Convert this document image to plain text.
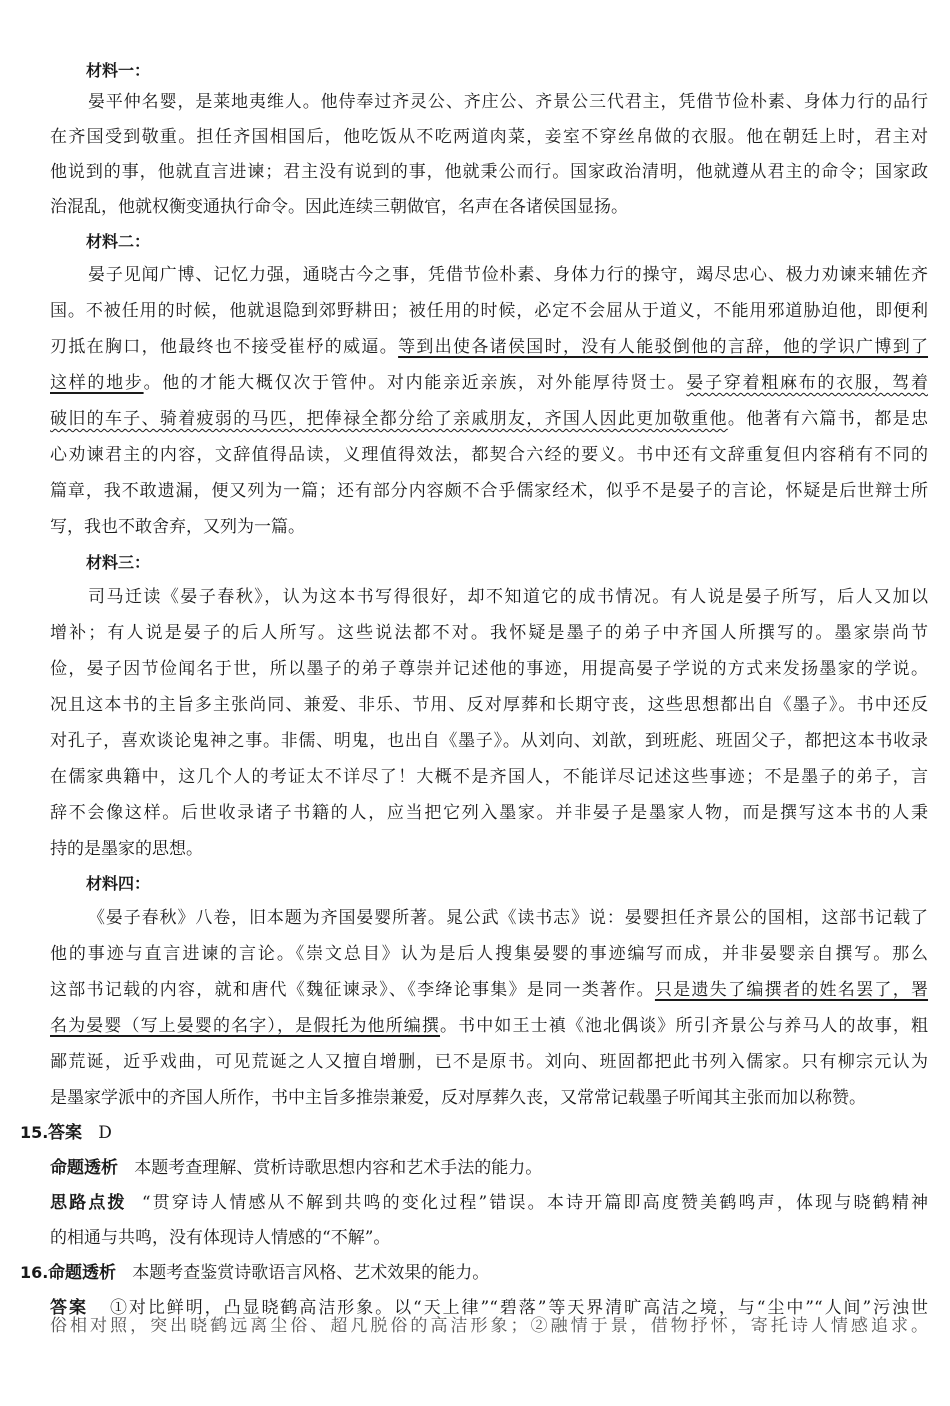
材料一：
晏平仲名婴，是莱地夷维人。他侍奉过齐灵公、齐庄公、齐景公三代君主，凭借节俭朴素、身体力行的品行
在齐国受到敬重。担任齐国相国后，他吃饭从不吃两道肉菜，妾室不穿丝帛做的衣服。他在朝廷上时，君主对
他说到的事，他就直言进谏；君主没有说到的事，他就秉公而行。国家政治清明，他就遵从君主的命令；国家政
治混乱，他就权衡变通执行命令。因此连续三朝做官，名声在各诸侯国显扬。
材料二：
晏子见闻广博、记忆力强，通晓古今之事，凭借节俭朴素、身体力行的操守，竭尽忠心、极力劝谏来辅佐齐
国。不被任用的时候，他就退隐到郊野耕田；被任用的时候，必定不会屈从于道义，不能用邪道胁迫他，即便利
刃抵在胸口，他最终也不接受崔杼的威逼。等到出使各诸侯国时，没有人能驳倒他的言辞，他的学识广博到了
这样的地步。他的才能大概仅次于管仲。对内能亲近亲族，对外能厚待贤士。晏子穿着粗麻布的衣服，驾着
破旧的车子、骑着疲弱的马匹，把俸禄全都分给了亲戚朋友，齐国人因此更加敬重他。他著有六篇书，都是忠
心劝谏君主的内容，文辞值得品读，义理值得效法，都契合六经的要义。书中还有文辞重复但内容稍有不同的
篇章，我不敢遗漏，便又列为一篇；还有部分内容颇不合乎儒家经术，似乎不是晏子的言论，怀疑是后世辩士所
写，我也不敢舍弃，又列为一篇。
材料三：
司马迁读《晏子春秋》，认为这本书写得很好，却不知道它的成书情况。有人说是晏子所写，后人又加以
增补；有人说是晏子的后人所写。这些说法都不对。我怀疑是墨子的弟子中齐国人所撰写的。墨家崇尚节
俭，晏子因节俭闻名于世，所以墨子的弟子尊崇并记述他的事迹，用提高晏子学说的方式来发扬墨家的学说。
况且这本书的主旨多主张尚同、兼爱、非乐、节用、反对厚葬和长期守丧，这些思想都出自《墨子》。书中还反
对孔子，喜欢谈论鬼神之事。非儒、明鬼，也出自《墨子》。从刘向、刘歆，到班彪、班固父子，都把这本书收录
在儒家典籍中，这几个人的考证太不详尽了！大概不是齐国人，不能详尽记述这些事迹；不是墨子的弟子，言
辞不会像这样。后世收录诸子书籍的人，应当把它列入墨家。并非晏子是墨家人物，而是撰写这本书的人秉
持的是墨家的思想。
材料四：
《晏子春秋》八卷，旧本题为齐国晏婴所著。晁公武《读书志》说：晏婴担任齐景公的国相，这部书记载了
他的事迹与直言进谏的言论。《崇文总目》认为是后人搜集晏婴的事迹编写而成，并非晏婴亲自撰写。那么
这部书记载的内容，就和唐代《魏征谏录》、《李绛论事集》是同一类著作。只是遗失了编撰者的姓名罢了，署
名为晏婴（写上晏婴的名字），是假托为他所编撰。书中如王士禛《池北偶谈》所引齐景公与养马人的故事，粗
鄙荒诞，近乎戏曲，可见荒诞之人又擅自增删，已不是原书。刘向、班固都把此书列入儒家。只有柳宗元认为
是墨家学派中的齐国人所作，书中主旨多推崇兼爱，反对厚葬久丧，又常常记载墨子听闻其主张而加以称赞。
15. 答案 D
命题透析 本题考查理解、赏析诗歌思想内容和艺术手法的能力。
思路点拨 “贯穿诗人情感从不解到共鸣的变化过程”错误。本诗开篇即高度赞美鹤鸣声，体现与晓鹤精神
的相通与共鸣，没有体现诗人情感的“不解”。
16. 命题透析 本题考查鉴赏诗歌语言风格、艺术效果的能力。
答案 ①对比鲜明，凸显晓鹤高洁形象。以“天上律”“碧落”等天界清旷高洁之境，与“尘中”“人间”污浊世
俗相对照，突出晓鹤远离尘俗、超凡脱俗的高洁形象；②融情于景，借物抒怀，寄托诗人情感追求。
